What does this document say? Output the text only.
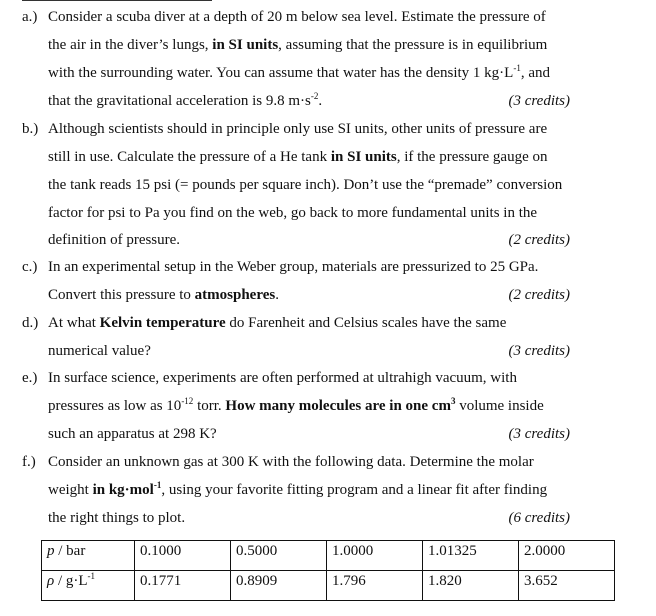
a.) Consider a scuba diver at a depth of 20 m below sea level. Estimate the pressure of
the air in the diver’s lungs, in SI units, assuming that the pressure is in equilibrium
with the surrounding water. You can assume that water has the density 1 $kg\cdot L^{-1}$, and
that the gravitational acceleration is 9.8 $m\cdot s^{-2}$.	(3 credits)
b.) Although scientists should in principle only use SI units, other units of pressure are
still in use. Calculate the pressure of a He tank in SI units, if the pressure gauge on
the tank reads 15 psi (= pounds per square inch). Don’t use the “premade” conversion
factor for psi to Pa you find on the web, go back to more fundamental units in the
definition of pressure.	(2 credits)
c.) In an experimental setup in the Weber group, materials are pressurized to 25 GPa.
Convert this pressure to atmospheres.	(2 credits)
d.) At what Kelvin temperature do Farenheit and Celsius scales have the same
numerical value?	(3 credits)
e.) In surface science, experiments are often performed at ultrahigh vacuum, with
pressures as low as $10^{-12}$ torr. How many molecules are in one $cm^3$ volume inside
such an apparatus at 298 K?	(3 credits)
f.) Consider an unknown gas at 300 K with the following data. Determine the molar
weight in kg·mol$^{-1}$, using your favorite fitting program and a linear fit after finding
the right things to plot.	(6 credits)
p / bar	0.1000	0.5000	1.0000	1.01325	2.0000
$\rho / g\cdot L^{-1}$	0.1771	0.8909	1.796	1.820	3.652
